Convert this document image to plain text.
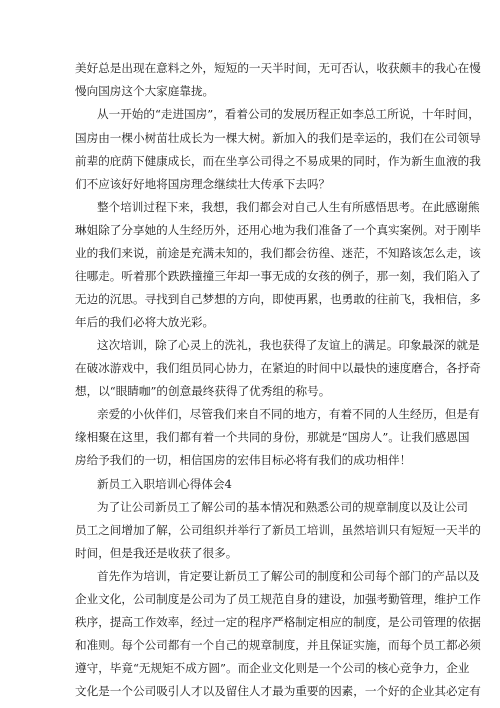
美好总是出现在意料之外，短短的一天半时间，无可否认，收获颇丰的我心在慢
慢向国房这个大家庭靠拢。
从一开始的“走进国房”，看着公司的发展历程正如李总工所说，十年时间，
国房由一棵小树苗壮成长为一棵大树。新加入的我们是幸运的，我们在公司领导
前辈的庇荫下健康成长，而在坐享公司得之不易成果的同时，作为新生血液的我
们不应该好好地将国房理念继续壮大传承下去吗？
整个培训过程下来，我想，我们都会对自己人生有所感悟思考。在此感谢熊
琳姐除了分享她的人生经历外，还用心地为我们准备了一个真实案例。对于刚毕
业的我们来说，前途是充满未知的，我们都会彷徨、迷茫，不知路该怎么走，该
往哪走。听着那个跌跌撞撞三年却一事无成的女孩的例子，那一刻，我们陷入了
无边的沉思。寻找到自己梦想的方向，即使再累，也勇敢的往前飞，我相信，多
年后的我们必将大放光彩。
这次培训，除了心灵上的洗礼，我也获得了友谊上的满足。印象最深的就是
在破冰游戏中，我们组员同心协力，在紧迫的时间中以最快的速度磨合，各抒奇
想，以“眼睛咖”的创意最终获得了优秀组的称号。
亲爱的小伙伴们，尽管我们来自不同的地方，有着不同的人生经历，但是有
缘相聚在这里，我们都有着一个共同的身份，那就是“国房人”。让我们感恩国
房给予我们的一切，相信国房的宏伟目标必将有我们的成功相伴！
新员工入职培训心得体会4
为了让公司新员工了解公司的基本情况和熟悉公司的规章制度以及让公司
员工之间增加了解，公司组织并举行了新员工培训，虽然培训只有短短一天半的
时间，但是我还是收获了很多。
首先作为培训，肯定要让新员工了解公司的制度和公司每个部门的产品以及
企业文化，公司制度是公司为了员工规范自身的建设，加强考勤管理，维护工作
秩序，提高工作效率，经过一定的程序严格制定相应的制度，是公司管理的依据
和准则。每个公司都有一个自己的规章制度，并且保证实施，而每个员工都必须
遵守，毕竟“无规矩不成方圆”。而企业文化则是一个公司的核心竞争力，企业
文化是一个公司吸引人才以及留住人才最为重要的因素，一个好的企业其必定有
